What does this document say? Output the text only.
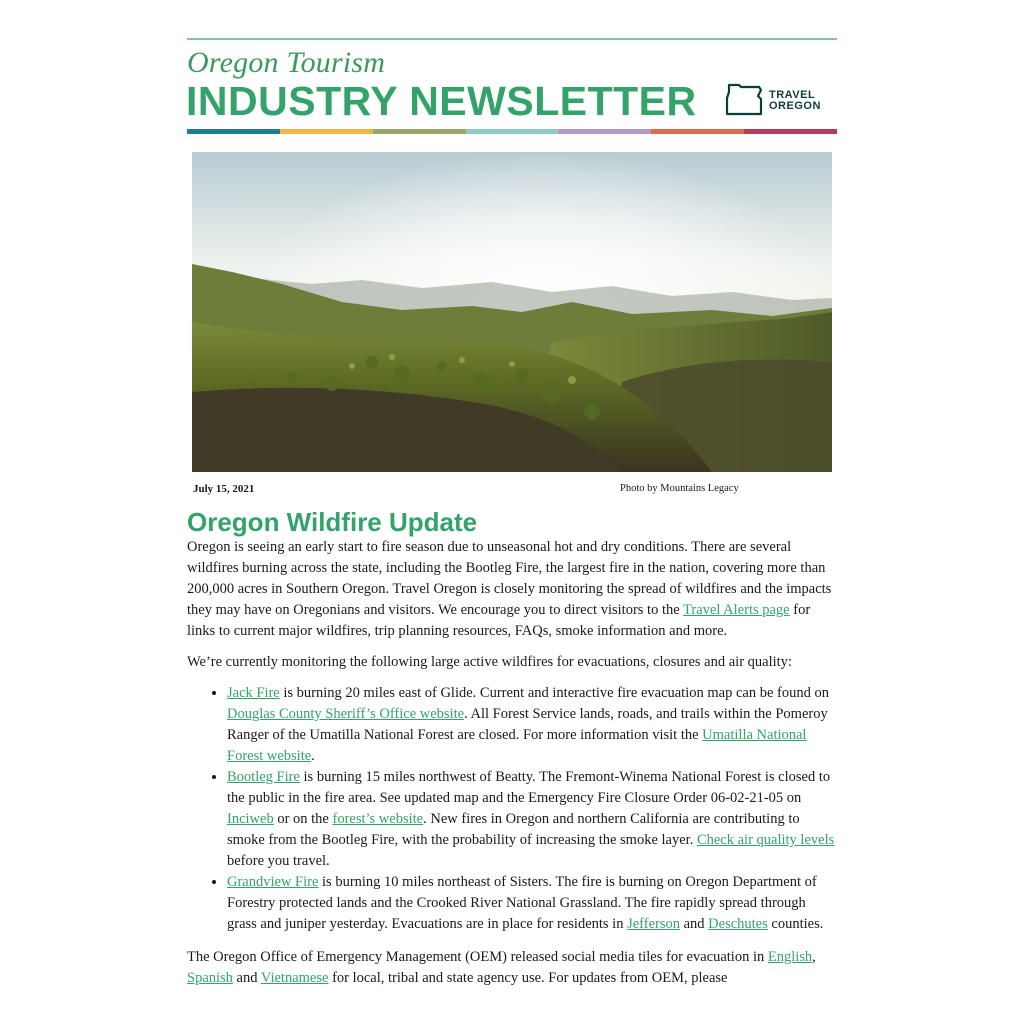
Oregon Tourism
INDUSTRY NEWSLETTER	TRAVEL
OREGON
July 15, 2021	Photo by Mountains Legacy
Oregon Wildfire Update

Oregon is seeing an early start to fire season due to unseasonal hot and dry conditions. There are several wildfires burning across the state, including the Bootleg Fire, the largest fire in the nation, covering more than 200,000 acres in Southern Oregon. Travel Oregon is closely monitoring the spread of wildfires and the impacts they may have on Oregonians and visitors. We encourage you to direct visitors to the Travel Alerts page for links to current major wildfires, trip planning resources, FAQs, smoke information and more.

We’re currently monitoring the following large active wildfires for evacuations, closures and air quality:

• Jack Fire is burning 20 miles east of Glide. Current and interactive fire evacuation map can be found on Douglas County Sheriff’s Office website. All Forest Service lands, roads, and trails within the Pomeroy Ranger of the Umatilla National Forest are closed. For more information visit the Umatilla National Forest website.
• Bootleg Fire is burning 15 miles northwest of Beatty. The Fremont-Winema National Forest is closed to the public in the fire area. See updated map and the Emergency Fire Closure Order 06-02-21-05 on Inciweb or on the forest’s website. New fires in Oregon and northern California are contributing to smoke from the Bootleg Fire, with the probability of increasing the smoke layer. Check air quality levels before you travel.
• Grandview Fire is burning 10 miles northeast of Sisters. The fire is burning on Oregon Department of Forestry protected lands and the Crooked River National Grassland. The fire rapidly spread through grass and juniper yesterday. Evacuations are in place for residents in Jefferson and Deschutes counties.

The Oregon Office of Emergency Management (OEM) released social media tiles for evacuation in English, Spanish and Vietnamese for local, tribal and state agency use. For updates from OEM, please
